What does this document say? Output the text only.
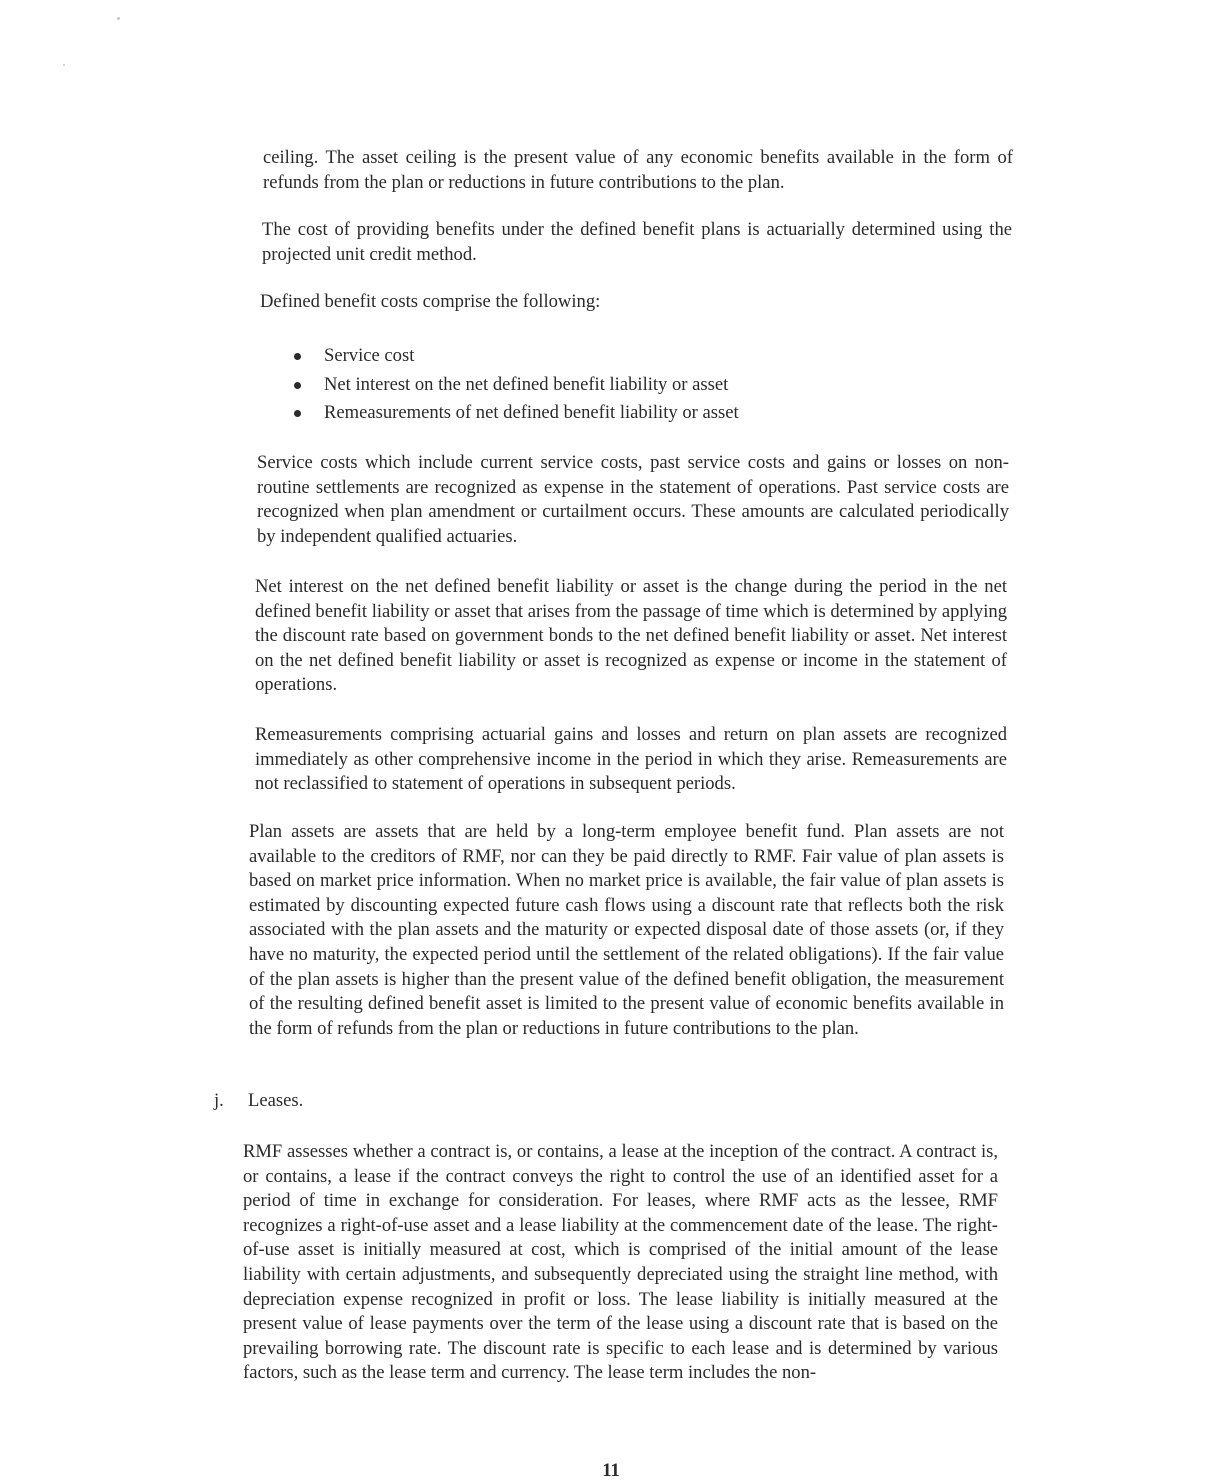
ceiling. The asset ceiling is the present value of any economic benefits available in the form of refunds from the plan or reductions in future contributions to the plan.

The cost of providing benefits under the defined benefit plans is actuarially determined using the projected unit credit method.

Defined benefit costs comprise the following:

Service cost
Net interest on the net defined benefit liability or asset
Remeasurements of net defined benefit liability or asset

Service costs which include current service costs, past service costs and gains or losses on non-routine settlements are recognized as expense in the statement of operations. Past service costs are recognized when plan amendment or curtailment occurs. These amounts are calculated periodically by independent qualified actuaries.

Net interest on the net defined benefit liability or asset is the change during the period in the net defined benefit liability or asset that arises from the passage of time which is determined by applying the discount rate based on government bonds to the net defined benefit liability or asset. Net interest on the net defined benefit liability or asset is recognized as expense or income in the statement of operations.

Remeasurements comprising actuarial gains and losses and return on plan assets are recognized immediately as other comprehensive income in the period in which they arise. Remeasurements are not reclassified to statement of operations in subsequent periods.

Plan assets are assets that are held by a long-term employee benefit fund. Plan assets are not available to the creditors of RMF, nor can they be paid directly to RMF. Fair value of plan assets is based on market price information. When no market price is available, the fair value of plan assets is estimated by discounting expected future cash flows using a discount rate that reflects both the risk associated with the plan assets and the maturity or expected disposal date of those assets (or, if they have no maturity, the expected period until the settlement of the related obligations). If the fair value of the plan assets is higher than the present value of the defined benefit obligation, the measurement of the resulting defined benefit asset is limited to the present value of economic benefits available in the form of refunds from the plan or reductions in future contributions to the plan.

j. Leases.

RMF assesses whether a contract is, or contains, a lease at the inception of the contract. A contract is, or contains, a lease if the contract conveys the right to control the use of an identified asset for a period of time in exchange for consideration. For leases, where RMF acts as the lessee, RMF recognizes a right-of-use asset and a lease liability at the commencement date of the lease. The right-of-use asset is initially measured at cost, which is comprised of the initial amount of the lease liability with certain adjustments, and subsequently depreciated using the straight line method, with depreciation expense recognized in profit or loss. The lease liability is initially measured at the present value of lease payments over the term of the lease using a discount rate that is based on the prevailing borrowing rate. The discount rate is specific to each lease and is determined by various factors, such as the lease term and currency. The lease term includes the non-

11
